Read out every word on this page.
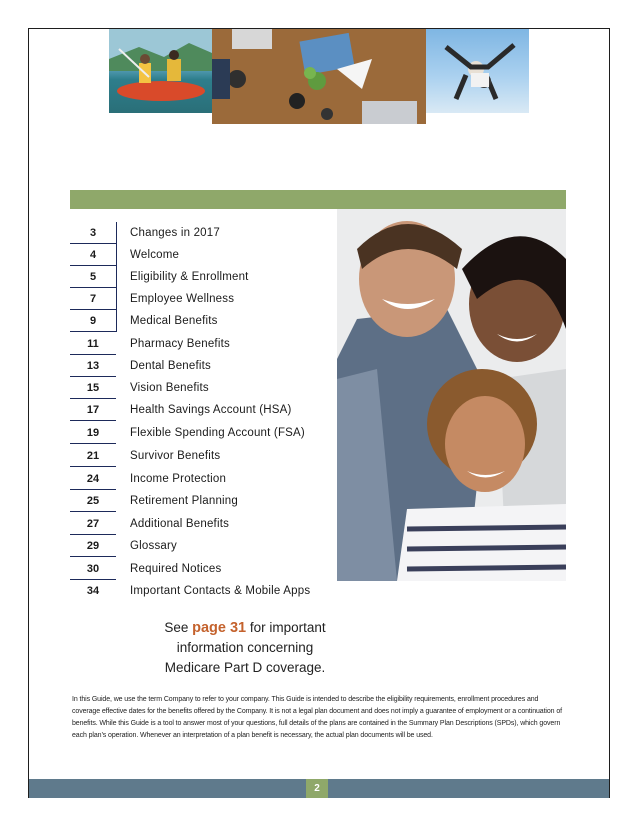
3	Changes in 2017
4	Welcome
5	Eligibility & Enrollment
7	Employee Wellness
9	Medical Benefits
11	Pharmacy Benefits
13	Dental Benefits
15	Vision Benefits
17	Health Savings Account (HSA)
19	Flexible Spending Account (FSA)
21	Survivor Benefits
24	Income Protection
25	Retirement Planning
27	Additional Benefits
29	Glossary
30	Required Notices
34	Important Contacts & Mobile Apps
See page 31 for important
information concerning
Medicare Part D coverage.
In this Guide, we use the term Company to refer to your company. This Guide is intended to describe the eligibility requirements, enrollment procedures and coverage effective dates for the benefits offered by the Company. It is not a legal plan document and does not imply a guarantee of employment or a continuation of benefits. While this Guide is a tool to answer most of your questions, full details of the plans are contained in the Summary Plan Descriptions (SPDs), which govern each plan’s operation. Whenever an interpretation of a plan benefit is necessary, the actual plan documents will be used.
2
